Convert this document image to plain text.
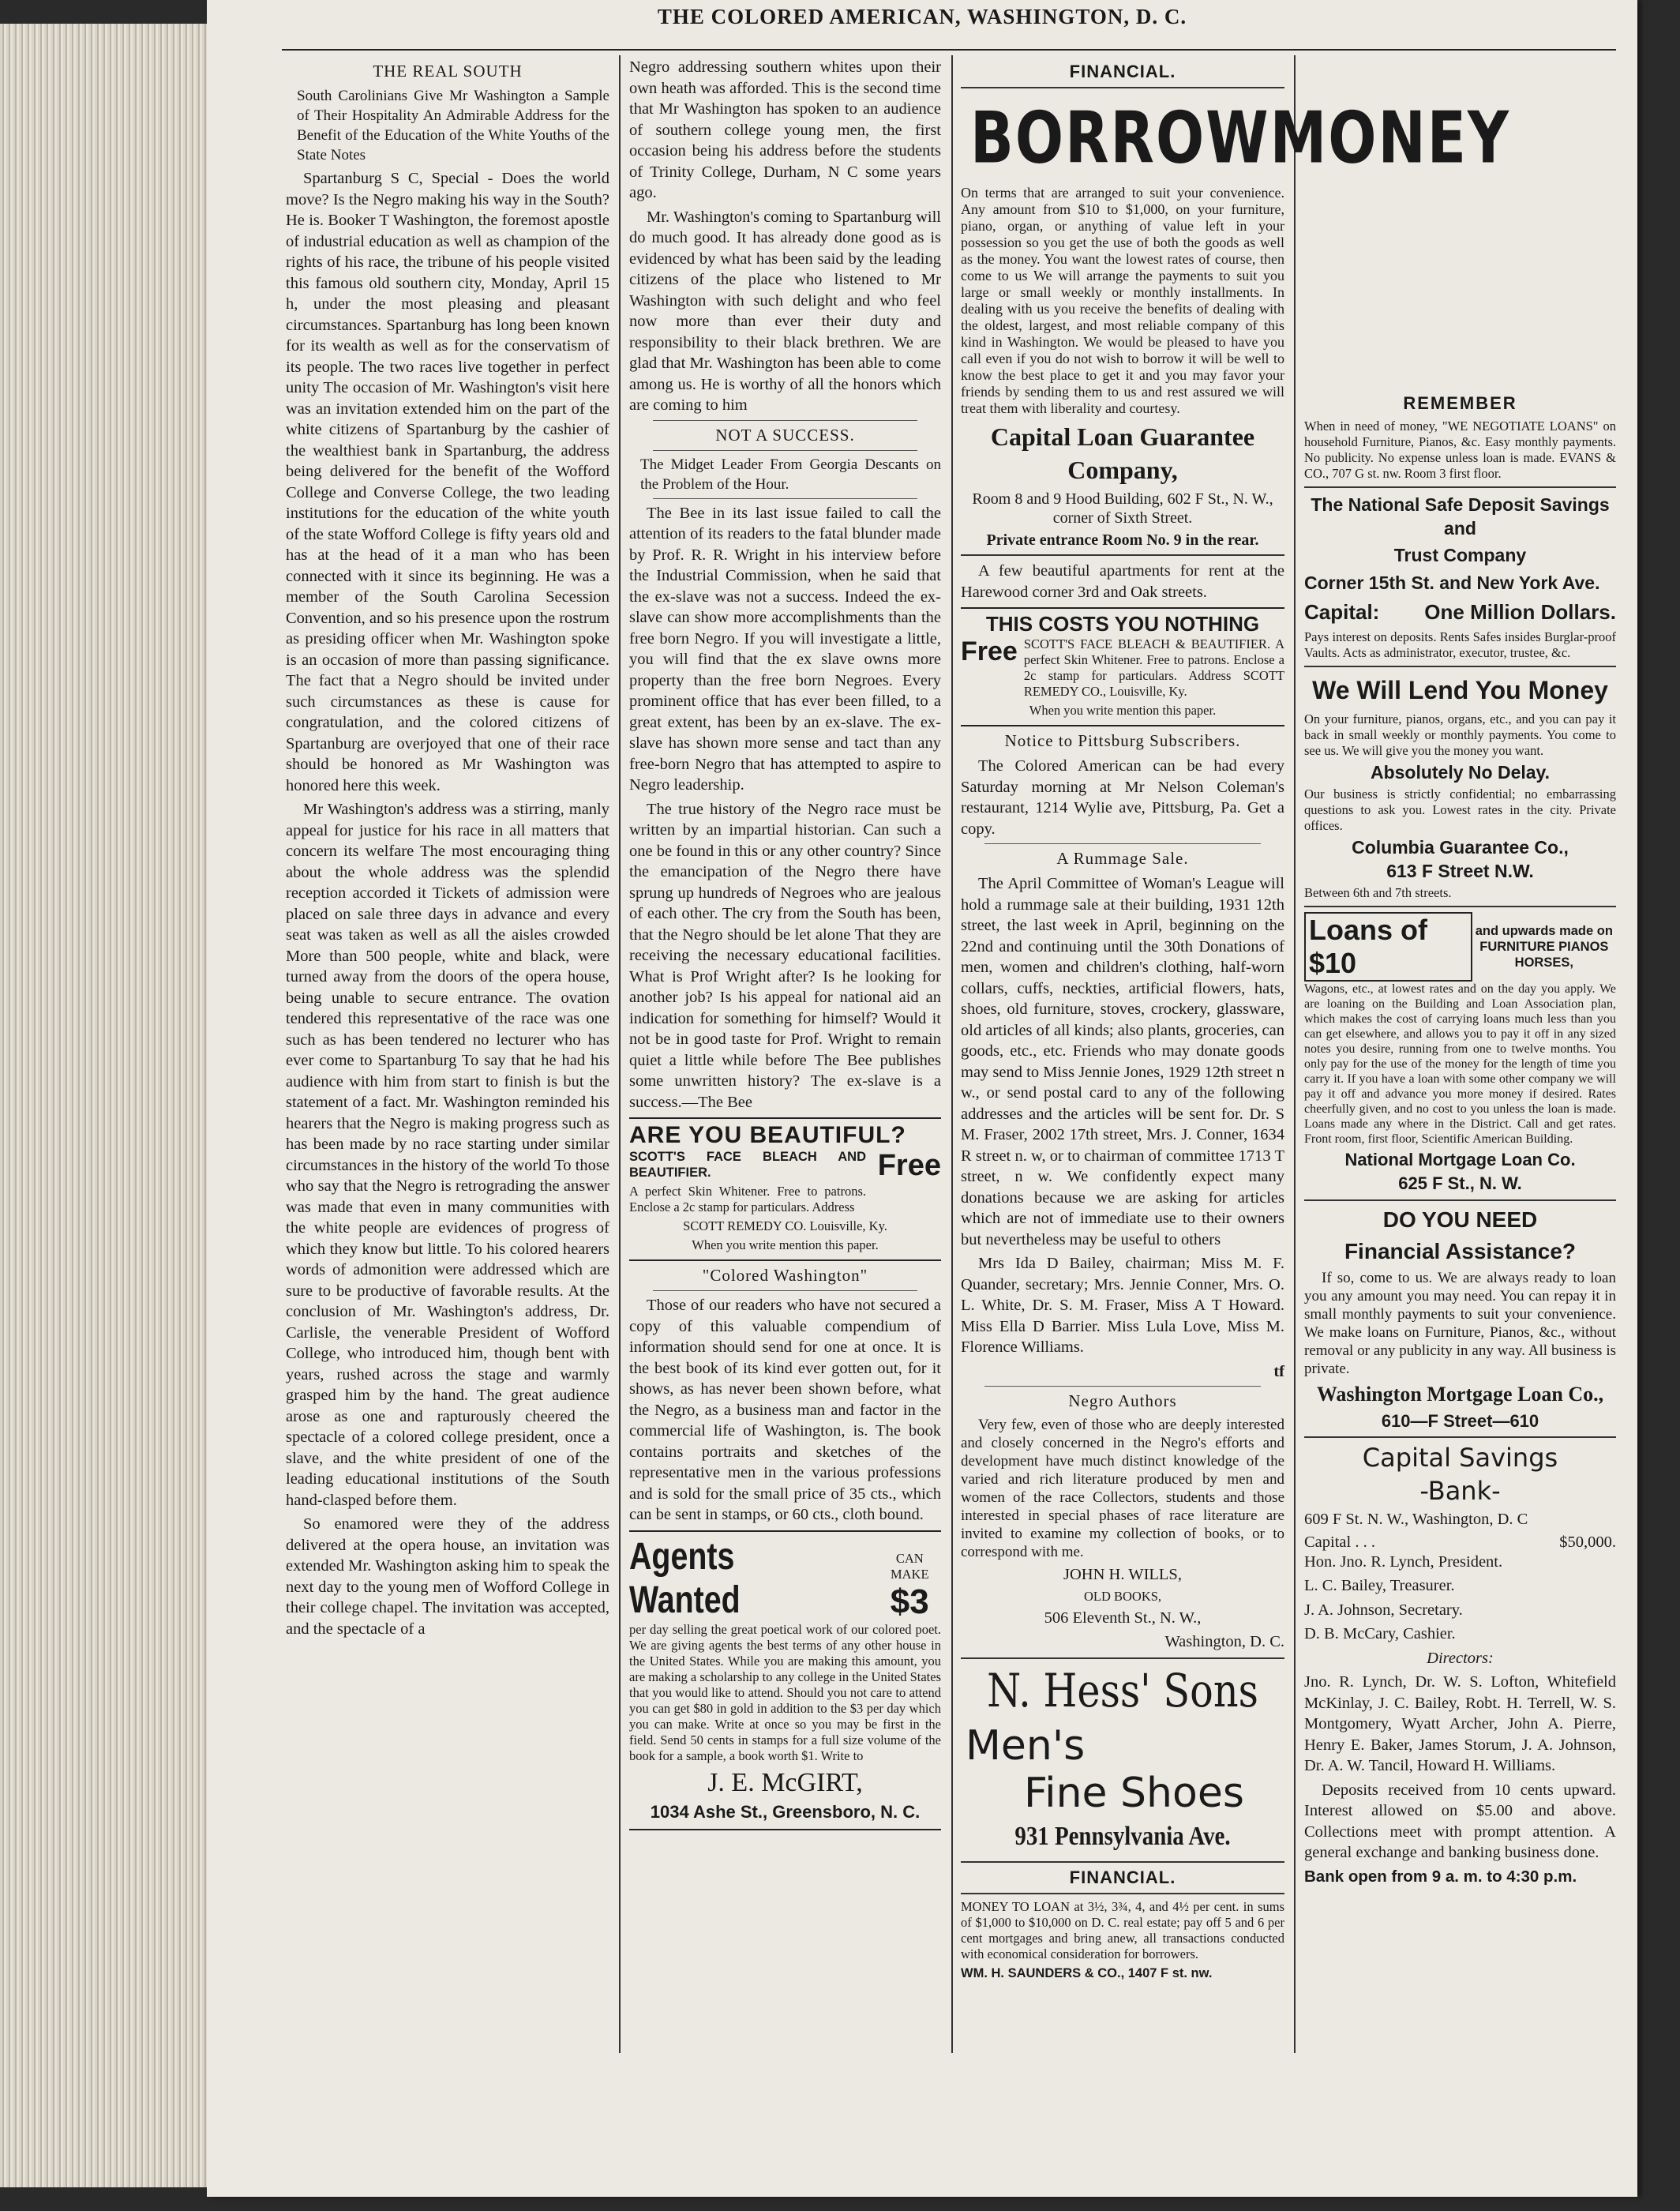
THE COLORED AMERICAN, WASHINGTON, D. C.
THE REAL SOUTH

South Carolinians Give Mr Washington a Sample of Their Hospitality An Admirable Address for the Benefit of the Education of the White Youths of the State Notes

Spartanburg S C, Special - Does the world move? Is the Negro making his way in the South? He is. Booker T Washington, the foremost apostle of industrial education as well as champion of the rights of his race, the tribune of his people visited this famous old southern city, Monday, April 15 h, under the most pleasing and pleasant circumstances. Spartanburg has long been known for its wealth as well as for the conservatism of its people. The two races live together in perfect unity The occasion of Mr. Washington's visit here was an invitation extended him on the part of the white citizens of Spartanburg by the cashier of the wealthiest bank in Spartanburg, the address being delivered for the benefit of the Wofford College and Converse College, the two leading institutions for the education of the white youth of the state Wofford College is fifty years old and has at the head of it a man who has been connected with it since its beginning. He was a member of the South Carolina Secession Convention, and so his presence upon the rostrum as presiding officer when Mr. Washington spoke is an occasion of more than passing significance. The fact that a Negro should be invited under such circumstances as these is cause for congratulation, and the colored citizens of Spartanburg are overjoyed that one of their race should be honored as Mr Washington was honored here this week.

Mr Washington's address was a stirring, manly appeal for justice for his race in all matters that concern its welfare The most encouraging thing about the whole address was the splendid reception accorded it Tickets of admission were placed on sale three days in advance and every seat was taken as well as all the aisles crowded More than 500 people, white and black, were turned away from the doors of the opera house, being unable to secure entrance. The ovation tendered this representative of the race was one such as has been tendered no lecturer who has ever come to Spartanburg To say that he had his audience with him from start to finish is but the statement of a fact. Mr. Washington reminded his hearers that the Negro is making progress such as has been made by no race starting under similar circumstances in the history of the world To those who say that the Negro is retrograding the answer was made that even in many communities with the white people are evidences of progress of which they know but little. To his colored hearers words of admonition were addressed which are sure to be productive of favorable results. At the conclusion of Mr. Washington's address, Dr. Carlisle, the venerable President of Wofford College, who introduced him, though bent with years, rushed across the stage and warmly grasped him by the hand. The great audience arose as one and rapturously cheered the spectacle of a colored college president, once a slave, and the white president of one of the leading educational institutions of the South hand-clasped before them.

So enamored were they of the address delivered at the opera house, an invitation was extended Mr. Washington asking him to speak the next day to the young men of Wofford College in their college chapel. The invitation was accepted, and the spectacle of a

Negro addressing southern whites upon their own heath was afforded. This is the second time that Mr Washington has spoken to an audience of southern college young men, the first occasion being his address before the students of Trinity College, Durham, N C some years ago.

Mr. Washington's coming to Spartanburg will do much good. It has already done good as is evidenced by what has been said by the leading citizens of the place who listened to Mr Washington with such delight and who feel now more than ever their duty and responsibility to their black brethren. We are glad that Mr. Washington has been able to come among us. He is worthy of all the honors which are coming to him

NOT A SUCCESS.

The Midget Leader From Georgia Descants on the Problem of the Hour.

The Bee in its last issue failed to call the attention of its readers to the fatal blunder made by Prof. R. R. Wright in his interview before the Industrial Commission, when he said that the ex-slave was not a success. Indeed the ex-slave can show more accomplishments than the free born Negro. If you will investigate a little, you will find that the ex slave owns more property than the free born Negroes. Every prominent office that has ever been filled, to a great extent, has been by an ex-slave. The ex-slave has shown more sense and tact than any free-born Negro that has attempted to aspire to Negro leadership.

The true history of the Negro race must be written by an impartial historian. Can such a one be found in this or any other country? Since the emancipation of the Negro there have sprung up hundreds of Negroes who are jealous of each other. The cry from the South has been, that the Negro should be let alone That they are receiving the necessary educational facilities. What is Prof Wright after? Is he looking for another job? Is his appeal for national aid an indication for something for himself? Would it not be in good taste for Prof. Wright to remain quiet a little while before The Bee publishes some unwritten history? The ex-slave is a success.—The Bee

ARE YOU BEAUTIFUL?

SCOTT'S FACE BLEACH AND BEAUTIFIER.

A perfect Skin Whitener. Free to patrons. Enclose a 2c stamp for particulars. Address

Free

SCOTT REMEDY CO. Louisville, Ky.

When you write mention this paper.

"Colored Washington"

Those of our readers who have not secured a copy of this valuable compendium of information should send for one at once. It is the best book of its kind ever gotten out, for it shows, as has never been shown before, what the Negro, as a business man and factor in the commercial life of Washington, is. The book contains portraits and sketches of the representative men in the various professions and is sold for the small price of 35 cts., which can be sent in stamps, or 60 cts., cloth bound.

Agents Wanted
CAN MAKE
$3

per day selling the great poetical work of our colored poet. We are giving agents the best terms of any other house in the United States. While you are making this amount, you are making a scholarship to any college in the United States that you would like to attend. Should you not care to attend you can get $80 in gold in addition to the $3 per day which you can make. Write at once so you may be first in the field. Send 50 cents in stamps for a full size volume of the book for a sample, a book worth $1. Write to

J. E. McGIRT,

1034 Ashe St., Greensboro, N. C.

FINANCIAL.
BORROW MONEY

On terms that are arranged to suit your convenience. Any amount from $10 to $1,000, on your furniture, piano, organ, or anything of value left in your possession so you get the use of both the goods as well as the money. You want the lowest rates of course, then come to us We will arrange the payments to suit you large or small weekly or monthly installments. In dealing with us you receive the benefits of dealing with the oldest, largest, and most reliable company of this kind in Washington. We would be pleased to have you call even if you do not wish to borrow it will be well to know the best place to get it and you may favor your friends by sending them to us and rest assured we will treat them with liberality and courtesy.

Capital Loan Guarantee Company,

Room 8 and 9 Hood Building, 602 F St., N. W., corner of Sixth Street.

Private entrance Room No. 9 in the rear.

A few beautiful apartments for rent at the Harewood corner 3rd and Oak streets.

THIS COSTS YOU NOTHING
Free SCOTT'S FACE BLEACH & BEAUTIFIER. A perfect Skin Whitener. Free to patrons. Enclose a 2c stamp for particulars. Address SCOTT REMEDY CO., Louisville, Ky.

When you write mention this paper.

Notice to Pittsburg Subscribers.

The Colored American can be had every Saturday morning at Mr Nelson Coleman's restaurant, 1214 Wylie ave, Pittsburg, Pa. Get a copy.

A Rummage Sale.

The April Committee of Woman's League will hold a rummage sale at their building, 1931 12th street, the last week in April, beginning on the 22nd and continuing until the 30th Donations of men, women and children's clothing, half-worn collars, cuffs, neckties, artificial flowers, hats, shoes, old furniture, stoves, crockery, glassware, old articles of all kinds; also plants, groceries, can goods, etc., etc. Friends who may donate goods may send to Miss Jennie Jones, 1929 12th street n w., or send postal card to any of the following addresses and the articles will be sent for. Dr. S M. Fraser, 2002 17th street, Mrs. J. Conner, 1634 R street n. w, or to chairman of committee 1713 T street, n w. We confidently expect many donations because we are asking for articles which are not of immediate use to their owners but nevertheless may be useful to others

Mrs Ida D Bailey, chairman; Miss M. F. Quander, secretary; Mrs. Jennie Conner, Mrs. O. L. White, Dr. S. M. Fraser, Miss A T Howard. Miss Ella D Barrier. Miss Lula Love, Miss M. Florence Williams.

tf

Negro Authors

Very few, even of those who are deeply interested and closely concerned in the Negro's efforts and development have much distinct knowledge of the varied and rich literature produced by men and women of the race Collectors, students and those interested in special phases of race literature are invited to examine my collection of books, or to correspond with me.

JOHN H. WILLS,

OLD BOOKS,

506 Eleventh St., N. W.,

Washington, D. C.

N. Hess' Sons
Men's
Fine Shoes

931 Pennsylvania Ave.

FINANCIAL.

MONEY TO LOAN at 3½, 3¾, 4, and 4½ per cent. in sums of $1,000 to $10,000 on D. C. real estate; pay off 5 and 6 per cent mortgages and bring anew, all transactions conducted with economical consideration for borrowers.

WM. H. SAUNDERS & CO., 1407 F st. nw.

REMEMBER

When in need of money, "WE NEGOTIATE LOANS" on household Furniture, Pianos, &c. Easy monthly payments. No publicity. No expense unless loan is made. EVANS & CO., 707 G st. nw. Room 3 first floor.

The National Safe Deposit Savings and

Trust Company

Corner 15th St. and New York Ave.

Capital: One Million Dollars.

Pays interest on deposits. Rents Safes insides Burglar-proof Vaults. Acts as administrator, executor, trustee, &c.

We Will Lend You Money

On your furniture, pianos, organs, etc., and you can pay it back in small weekly or monthly payments. You come to see us. We will give you the money you want.

Absolutely No Delay.

Our business is strictly confidential; no embarrassing questions to ask you. Lowest rates in the city. Private offices.

Columbia Guarantee Co.,

613 F Street N.W.

Between 6th and 7th streets.

Loans of $10
and upwards made on FURNITURE PIANOS HORSES,

Wagons, etc., at lowest rates and on the day you apply. We are loaning on the Building and Loan Association plan, which makes the cost of carrying loans much less than you can get elsewhere, and allows you to pay it off in any sized notes you desire, running from one to twelve months. You only pay for the use of the money for the length of time you carry it. If you have a loan with some other company we will pay it off and advance you more money if desired. Rates cheerfully given, and no cost to you unless the loan is made. Loans made any where in the District. Call and get rates. Front room, first floor, Scientific American Building.

National Mortgage Loan Co.

625 F St., N. W.

DO YOU NEED

Financial Assistance?

If so, come to us. We are always ready to loan you any amount you may need. You can repay it in small monthly payments to suit your convenience. We make loans on Furniture, Pianos, &c., without removal or any publicity in any way. All business is private.

Washington Mortgage Loan Co.,

610—F Street—610

Capital Savings

-Bank-

609 F St. N. W., Washington, D. C

Capital . . .	$50,000.

Hon. Jno. R. Lynch, President.

L. C. Bailey, Treasurer.

J. A. Johnson, Secretary.

D. B. McCary, Cashier.

Directors:

Jno. R. Lynch, Dr. W. S. Lofton, Whitefield McKinlay, J. C. Bailey, Robt. H. Terrell, W. S. Montgomery, Wyatt Archer, John A. Pierre, Henry E. Baker, James Storum, J. A. Johnson, Dr. A. W. Tancil, Howard H. Williams.

Deposits received from 10 cents upward. Interest allowed on $5.00 and above. Collections meet with prompt attention. A general exchange and banking business done.

Bank open from 9 a. m. to 4:30 p.m.
